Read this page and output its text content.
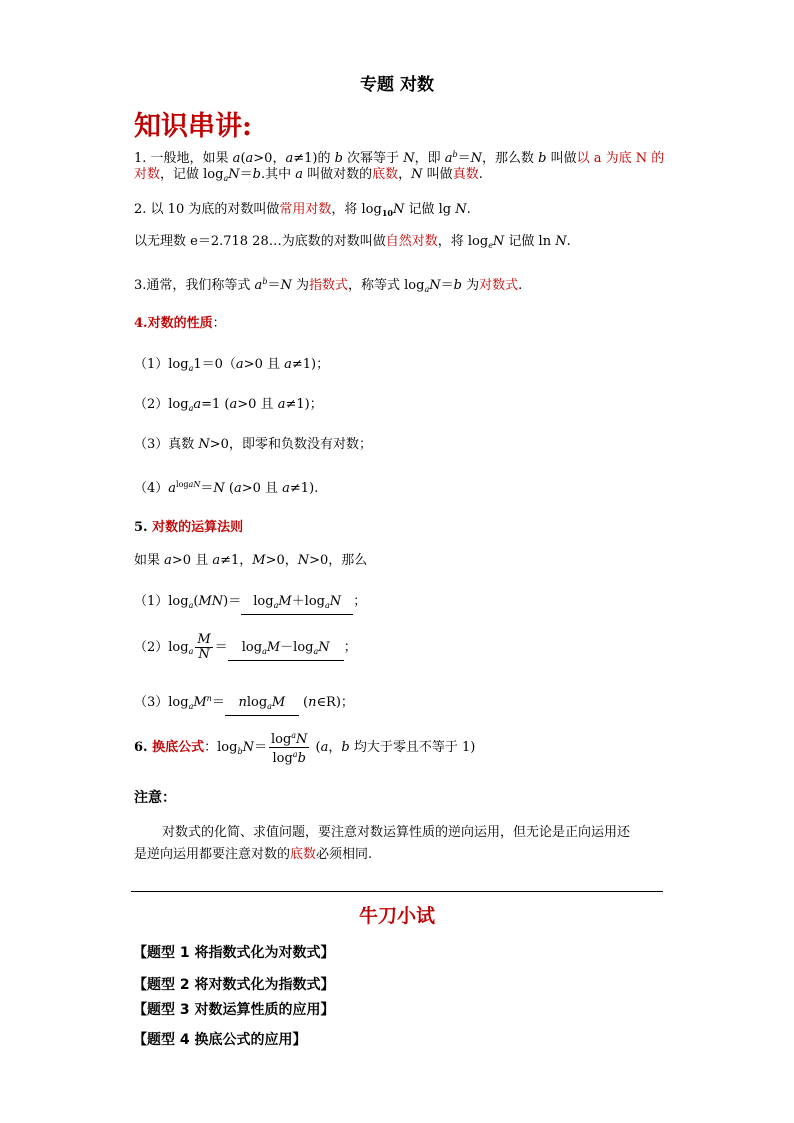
专题 对数
知识串讲:
1. 一般地，如果 a(a>0，a≠1)的 b 次幂等于 N，即 $a^b=N$，那么数 b 叫做以 a 为底 N 的
对数，记做 $\log_aN=b$.其中 a 叫做对数的底数，N 叫做真数.
2. 以 10 为底的对数叫做常用对数，将 $\log_{10}N$ 记做 lg N.
以无理数 e＝2.718 28…为底数的对数叫做自然对数，将 $\log_eN$ 记做 ln N.
3.通常，我们称等式 $a^b=N$ 为指数式，称等式 $\log_aN=b$ 为对数式.
4.对数的性质：
$(1)\log_a1=0(a>0$ 且 a≠1)；
$(2)\log_aa=1$ (a>0 且 a≠1)；
（3）真数 N>0，即零和负数没有对数；
$(4)a^{logaN}=N$ (a>0 且 a≠1).
5. 对数的运算法则
如果 a>0 且 a≠1，M>0，N>0，那么
$(1)\log_a(MN)= \log_aM+\log_aN$ ；
$(2)\log_a \frac{M}{N} = \log_aM-\log_aN$ ；
$(3)\log_aM^n= nlog_aM$ (n∈R)；
6. 换底公式：$\log_bN= \frac{\log^aN}{\log^ab} (a$，b 均大于零且不等于 1)
注意：
对数式的化简、求值问题，要注意对数运算性质的逆向运用，但无论是正向运用还
是逆向运用都要注意对数的底数必须相同.
牛刀小试
【题型 1 将指数式化为对数式】
【题型 2 将对数式化为指数式】
【题型 3 对数运算性质的应用】
【题型 4 换底公式的应用】
